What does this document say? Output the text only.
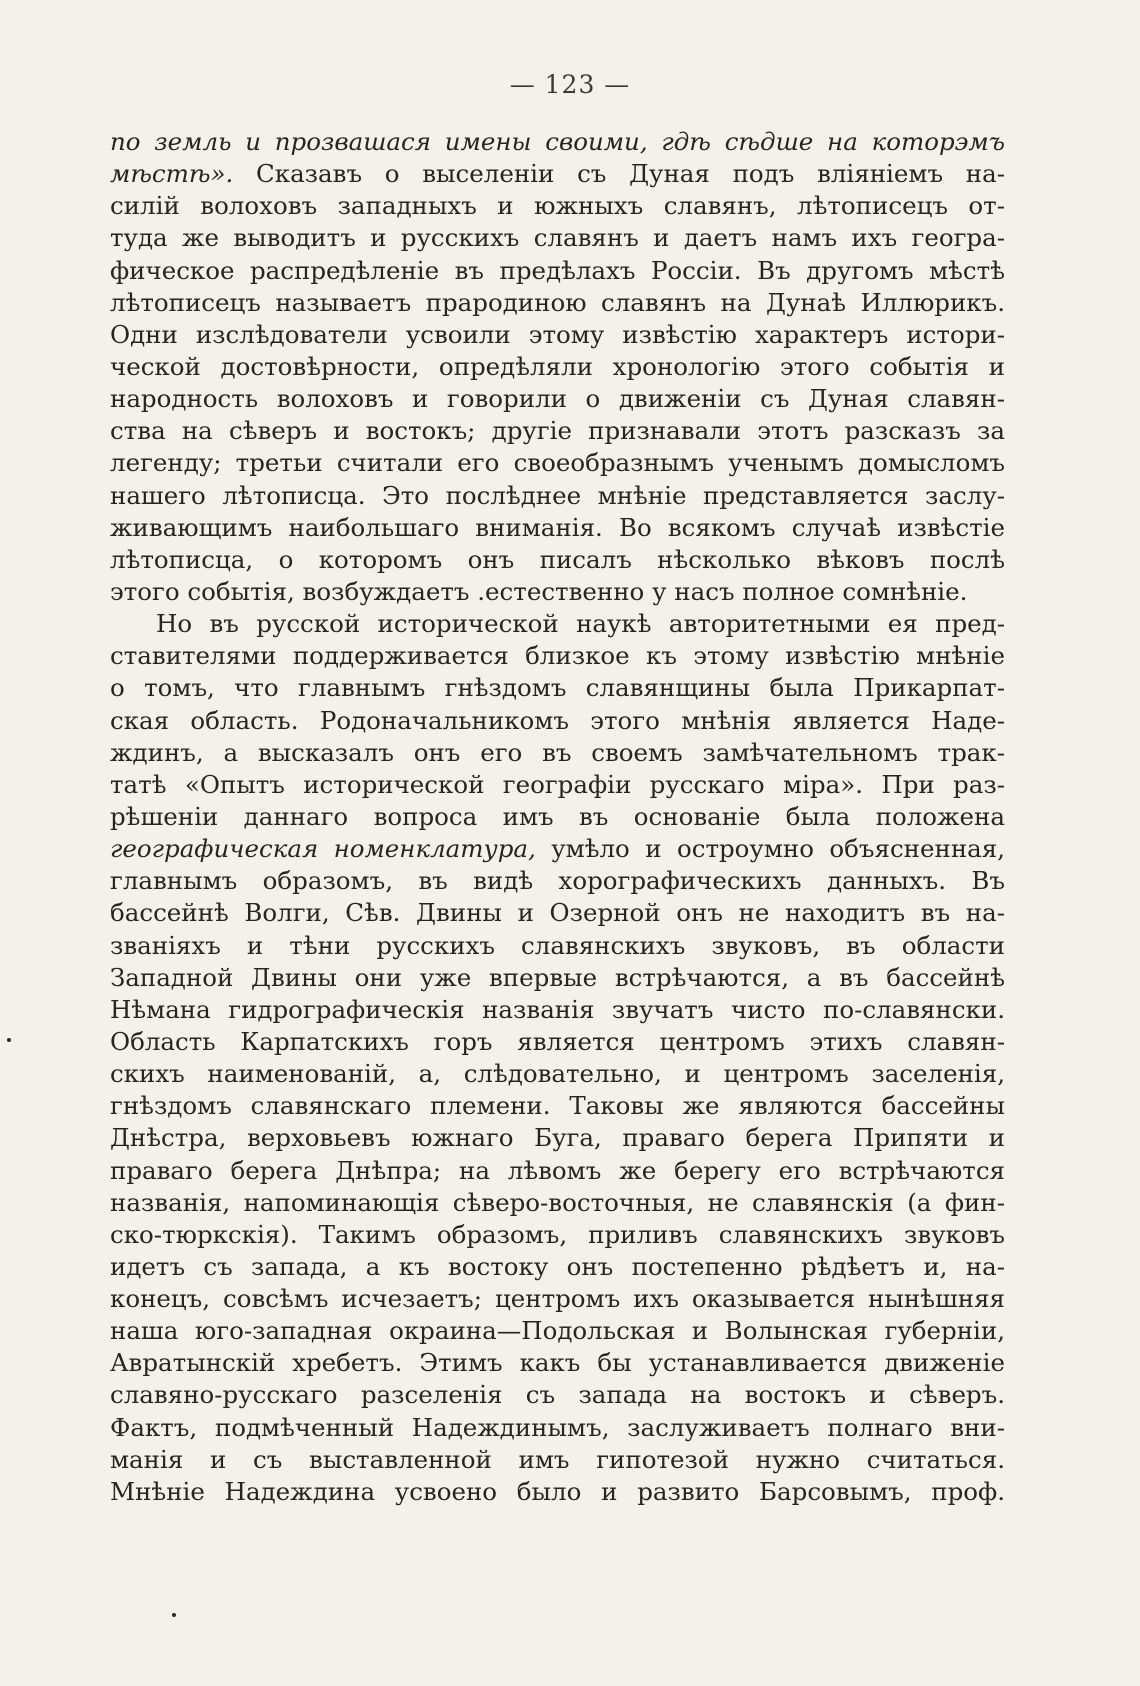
— 123 —
по земль и прозвашася имены своими, гдѣ сѣдше на которэмъ
мѣстѣ». Сказавъ о выселеніи съ Дуная подъ вліяніемъ на-
силій волоховъ западныхъ и южныхъ славянъ, лѣтописецъ от-
туда же выводитъ и русскихъ славянъ и даетъ намъ ихъ геогра-
фическое распредѣленіе въ предѣлахъ Россіи. Въ другомъ мѣстѣ
лѣтописецъ называетъ прародиною славянъ на Дунаѣ Иллюрикъ.
Одни изслѣдователи усвоили этому извѣстію характеръ истори-
ческой достовѣрности, опредѣляли хронологію этого событія и
народность волоховъ и говорили о движеніи съ Дуная славян-
ства на сѣверъ и востокъ; другіе признавали этотъ разсказъ за
легенду; третьи считали его своеобразнымъ ученымъ домысломъ
нашего лѣтописца. Это послѣднее мнѣніе представляется заслу-
живающимъ наибольшаго вниманія. Во всякомъ случаѣ извѣстіе
лѣтописца, о которомъ онъ писалъ нѣсколько вѣковъ послѣ
этого событія, возбуждаетъ .естественно у насъ полное сомнѣніе.
Но въ русской исторической наукѣ авторитетными ея пред-
ставителями поддерживается близкое къ этому извѣстію мнѣніе
о томъ, что главнымъ гнѣздомъ славянщины была Прикарпат-
ская область. Родоначальникомъ этого мнѣнія является Наде-
ждинъ, а высказалъ онъ его въ своемъ замѣчательномъ трак-
татѣ «Опытъ исторической географіи русскаго міра». При раз-
рѣшеніи даннаго вопроса имъ въ основаніе была положена
географическая номенклатура, умѣло и остроумно объясненная,
главнымъ образомъ, въ видѣ хорографическихъ данныхъ. Въ
бассейнѣ Волги, Сѣв. Двины и Озерной онъ не находитъ въ на-
званіяхъ и тѣни русскихъ славянскихъ звуковъ, въ области
Западной Двины они уже впервые встрѣчаются, а въ бассейнѣ
Нѣмана гидрографическія названія звучатъ чисто по-славянски.
Область Карпатскихъ горъ является центромъ этихъ славян-
скихъ наименованій, а, слѣдовательно, и центромъ заселенія,
гнѣздомъ славянскаго племени. Таковы же являются бассейны
Днѣстра, верховьевъ южнаго Буга, праваго берега Припяти и
праваго берега Днѣпра; на лѣвомъ же берегу его встрѣчаются
названія, напоминающія сѣверо-восточныя, не славянскія (а фин-
ско-тюркскія). Такимъ образомъ, приливъ славянскихъ звуковъ
идетъ съ запада, а къ востоку онъ постепенно рѣдѣетъ и, на-
конецъ, совсѣмъ исчезаетъ; центромъ ихъ оказывается нынѣшняя
наша юго-западная окраина—Подольская и Волынская губерніи,
Авратынскій хребетъ. Этимъ какъ бы устанавливается движеніе
славяно-русскаго разселенія съ запада на востокъ и сѣверъ.
Фактъ, подмѣченный Надеждинымъ, заслуживаетъ полнаго вни-
манія и съ выставленной имъ гипотезой нужно считаться.
Мнѣніе Надеждина усвоено было и развито Барсовымъ, проф.
